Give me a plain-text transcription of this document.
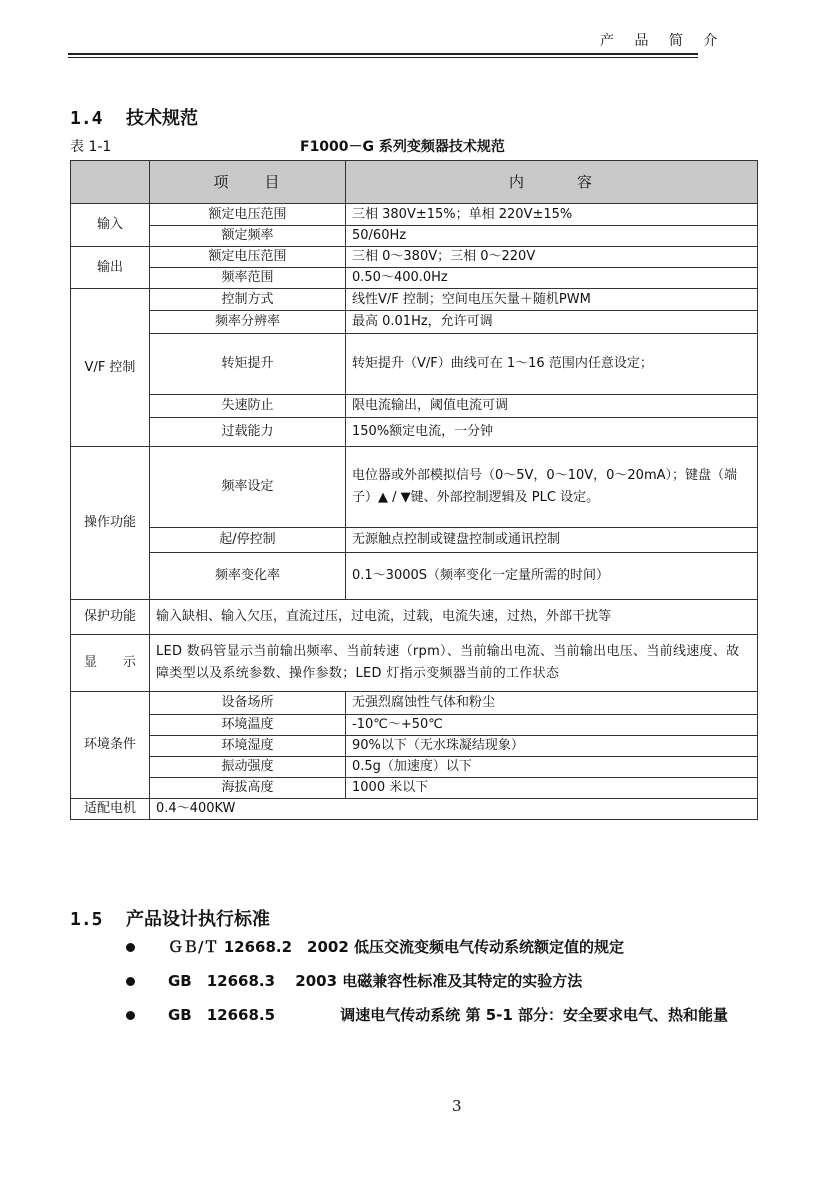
产 品 简 介
1.4 技术规范
表 1-1	F1000－G 系列变频器技术规范
	项　　目	内　　　容
输入	额定电压范围	三相 380V±15%；单相 220V±15%
	额定频率	50/60Hz
输出	额定电压范围	三相 0～380V；三相 0～220V
	频率范围	0.50～400.0Hz
V/F 控制	控制方式	线性V/F 控制；空间电压矢量＋随机PWM
	频率分辨率	最高 0.01Hz，允许可调
	转矩提升	转矩提升（V/F）曲线可在 1～16 范围内任意设定；
	失速防止	限电流输出，阈值电流可调
	过载能力	150%额定电流，一分钟
操作功能	频率设定	电位器或外部模拟信号（0～5V，0～10V，0～20mA）；键盘（端子）▲ / ▼键、外部控制逻辑及 PLC 设定。
	起/停控制	无源触点控制或键盘控制或通讯控制
	频率变化率	0.1～3000S（频率变化一定量所需的时间）
保护功能	输入缺相、输入欠压，直流过压，过电流，过载，电流失速，过热，外部干扰等	
显　　示	LED 数码管显示当前输出频率、当前转速（rpm）、当前输出电流、当前输出电压、当前线速度、故障类型以及系统参数、操作参数；LED 灯指示变频器当前的工作状态	
环境条件	设备场所	无强烈腐蚀性气体和粉尘
	环境温度	-10℃～+50℃
	环境湿度	90%以下（无水珠凝结现象）
	振动强度	0.5g（加速度）以下
	海拔高度	1000 米以下
适配电机	0.4～400KW	
1.5 产品设计执行标准
ＧＢ/Ｔ 12668.2　2002 低压交流变频电气传动系统额定值的规定
GB　12668.3　 2003 电磁兼容性标准及其特定的实验方法
GB　12668.5　　　　 调速电气传动系统 第 5-1 部分：安全要求电气、热和能量
3
